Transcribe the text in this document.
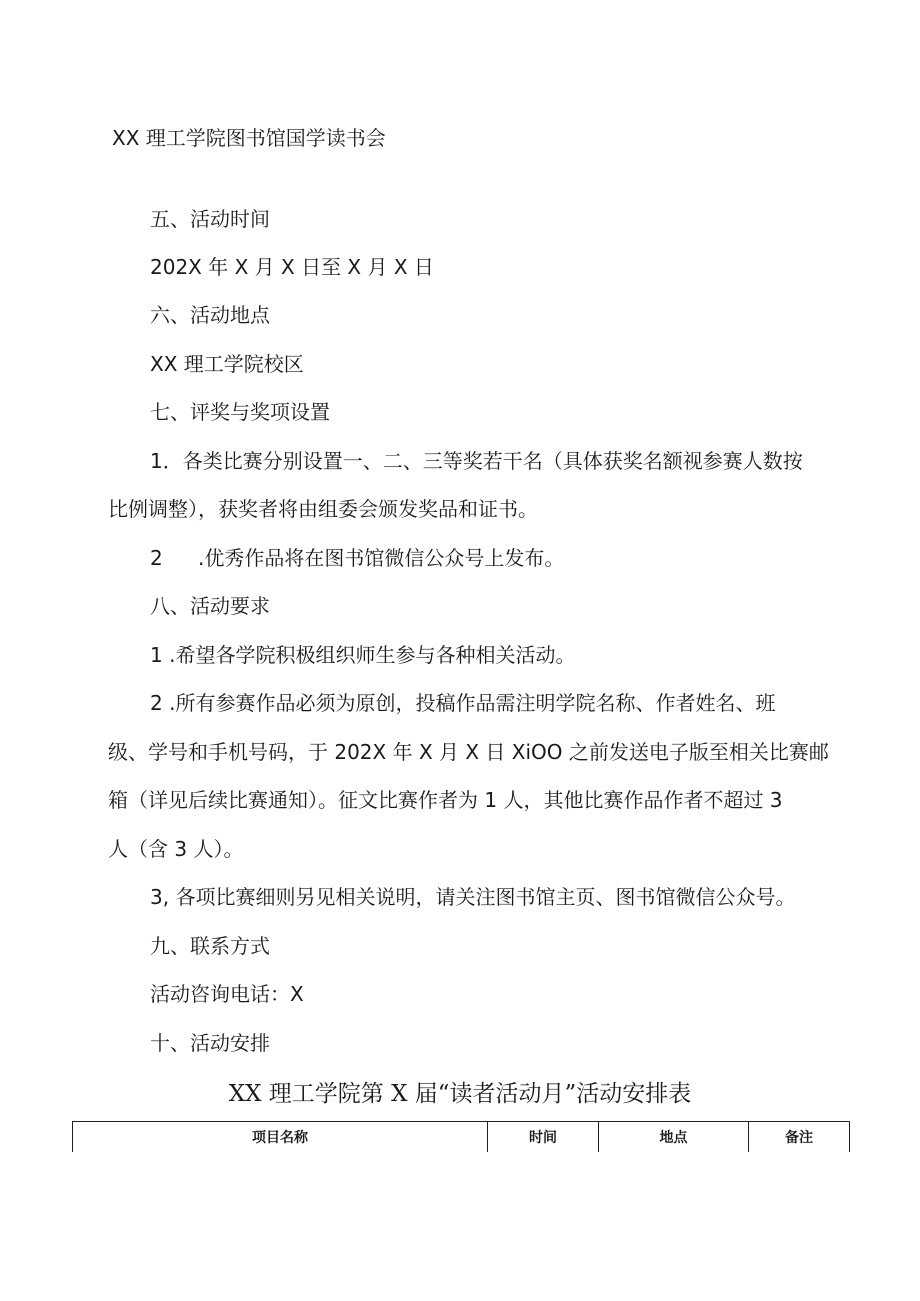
XX 理工学院图书馆国学读书会
五、活动时间
202X 年 X 月 X 日至 X 月 X 日
六、活动地点
XX 理工学院校区
七、评奖与奖项设置
1．各类比赛分别设置一、二、三等奖若干名（具体获奖名额视参赛人数按
比例调整），获奖者将由组委会颁发奖品和证书。
2 .优秀作品将在图书馆微信公众号上发布。
八、活动要求
1 .希望各学院积极组织师生参与各种相关活动。
2 .所有参赛作品必须为原创，投稿作品需注明学院名称、作者姓名、班
级、学号和手机号码，于 202X 年 X 月 X 日 XiOO 之前发送电子版至相关比赛邮
箱（详见后续比赛通知）。征文比赛作者为 1 人，其他比赛作品作者不超过 3
人（含 3 人）。
3, 各项比赛细则另见相关说明，请关注图书馆主页、图书馆微信公众号。
九、联系方式
活动咨询电话：X
十、活动安排
XX 理工学院第 X 届“读者活动月”活动安排表
项目名称	时间	地点	备注
